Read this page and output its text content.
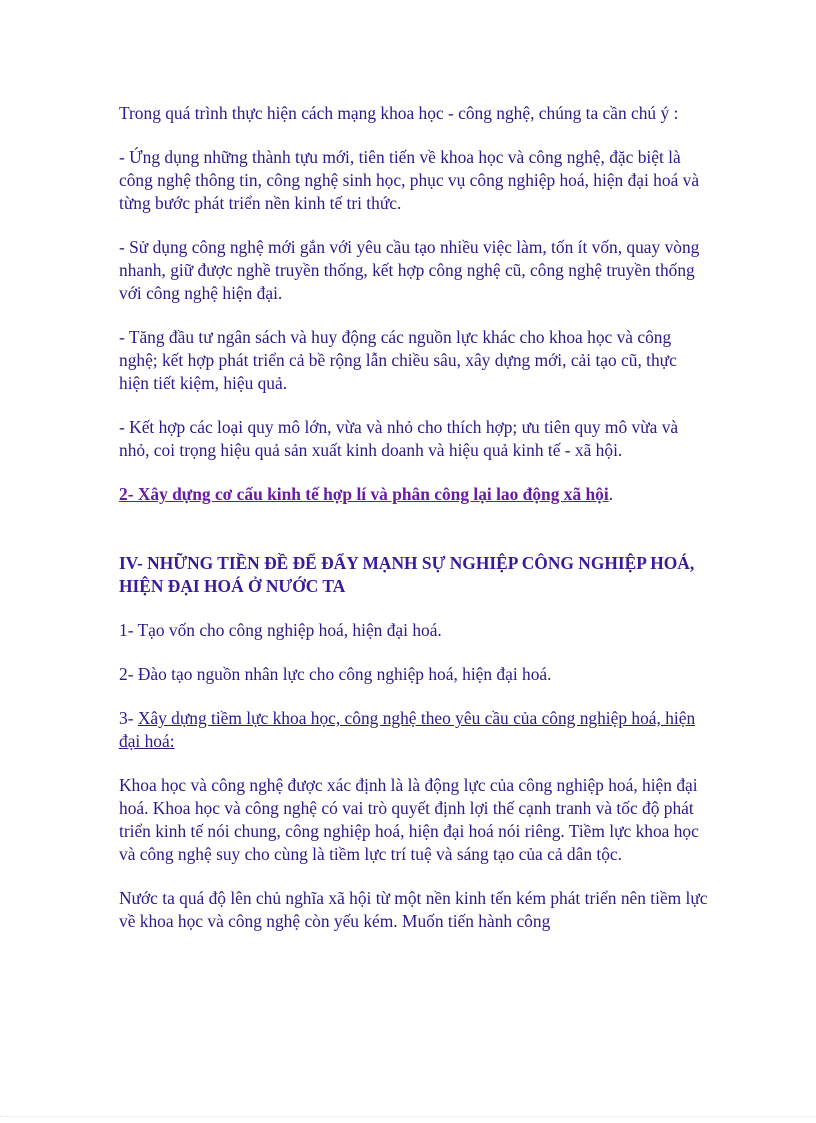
Trong quá trình thực hiện cách mạng khoa học - công nghệ, chúng ta cần chú ý :

- Ứng dụng những thành tựu mới, tiên tiến về khoa học và công nghệ, đặc biệt là công nghệ thông tin, công nghệ sinh học, phục vụ công nghiệp hoá, hiện đại hoá và từng bước phát triển nền kinh tế tri thức.

- Sử dụng công nghệ mới gắn với yêu cầu tạo nhiều việc làm, tốn ít vốn, quay vòng nhanh, giữ được nghề truyền thống, kết hợp công nghệ cũ, công nghệ truyền thống với công nghệ hiện đại.

- Tăng đầu tư ngân sách và huy động các nguồn lực khác cho khoa học và công nghệ; kết hợp phát triển cả bề rộng lẫn chiều sâu, xây dựng mới, cải tạo cũ, thực hiện tiết kiệm, hiệu quả.

- Kết hợp các loại quy mô lớn, vừa và nhỏ cho thích hợp; ưu tiên quy mô vừa và nhỏ, coi trọng hiệu quả sản xuất kinh doanh và hiệu quả kinh tế - xã hội.

2- Xây dựng cơ cấu kinh tế hợp lí và phân công lại lao động xã hội.

IV- NHỮNG TIỀN ĐỀ ĐỂ ĐẨY MẠNH SỰ NGHIỆP CÔNG NGHIỆP HOÁ, HIỆN ĐẠI HOÁ Ở NƯỚC TA

1- Tạo vốn cho công nghiệp hoá, hiện đại hoá.

2- Đào tạo nguồn nhân lực cho công nghiệp hoá, hiện đại hoá.

3- Xây dựng tiềm lực khoa học, công nghệ theo yêu cầu của công nghiệp hoá, hiện đại hoá:

Khoa học và công nghệ được xác định là là động lực của công nghiệp hoá, hiện đại hoá. Khoa học và công nghệ có vai trò quyết định lợi thế cạnh tranh và tốc độ phát triển kinh tế nói chung, công nghiệp hoá, hiện đại hoá nói riêng. Tiềm lực khoa học và công nghệ suy cho cùng là tiềm lực trí tuệ và sáng tạo của cả dân tộc.

Nước ta quá độ lên chủ nghĩa xã hội từ một nền kinh tến kém phát triển nên tiềm lực về khoa học và công nghệ còn yếu kém. Muốn tiến hành công
